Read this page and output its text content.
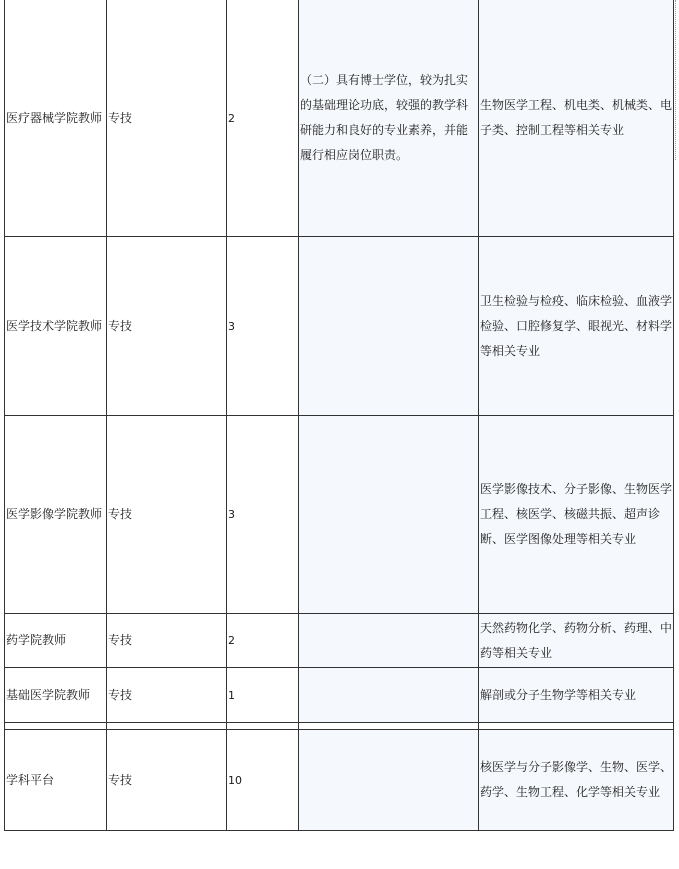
医疗器械学院教师	专技	2	（二）具有博士学位，较为扎实的基础理论功底，较强的教学科研能力和良好的专业素养，并能履行相应岗位职责。	生物医学工程、机电类、机械类、电子类、控制工程等相关专业
医学技术学院教师	专技	3		卫生检验与检疫、临床检验、血液学检验、口腔修复学、眼视光、材料学等相关专业
医学影像学院教师	专技	3		医学影像技术、分子影像、生物医学工程、核医学、核磁共振、超声诊断、医学图像处理等相关专业
药学院教师	专技	2		天然药物化学、药物分析、药理、中药等相关专业
基础医学院教师	专技	1		解剖或分子生物学等相关专业

学科平台	专技	10		核医学与分子影像学、生物、医学、药学、生物工程、化学等相关专业
